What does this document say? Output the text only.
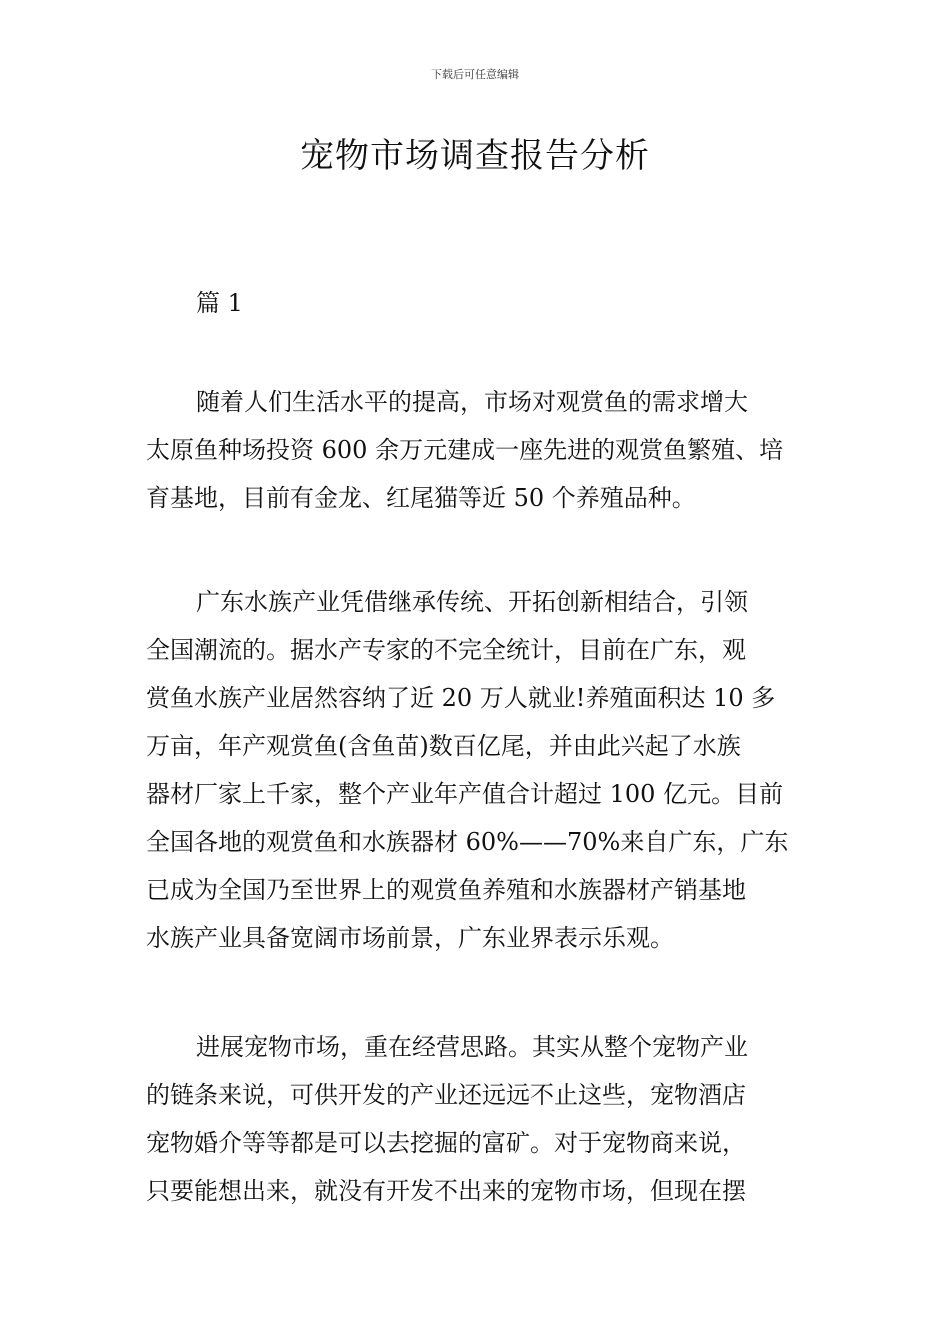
下载后可任意编辑
宠物市场调查报告分析
篇 1

随着人们生活水平的提高，市场对观赏鱼的需求增大
太原鱼种场投资 600 余万元建成一座先进的观赏鱼繁殖、培
育基地，目前有金龙、红尾猫等近 50 个养殖品种。

广东水族产业凭借继承传统、开拓创新相结合，引领
全国潮流的。据水产专家的不完全统计，目前在广东，观
赏鱼水族产业居然容纳了近 20 万人就业!养殖面积达 10 多
万亩，年产观赏鱼(含鱼苗)数百亿尾，并由此兴起了水族
器材厂家上千家，整个产业年产值合计超过 100 亿元。目前
全国各地的观赏鱼和水族器材 60%——70%来自广东，广东
已成为全国乃至世界上的观赏鱼养殖和水族器材产销基地
水族产业具备宽阔市场前景，广东业界表示乐观。

进展宠物市场，重在经营思路。其实从整个宠物产业
的链条来说，可供开发的产业还远远不止这些，宠物酒店
宠物婚介等等都是可以去挖掘的富矿。对于宠物商来说，
只要能想出来，就没有开发不出来的宠物市场，但现在摆
